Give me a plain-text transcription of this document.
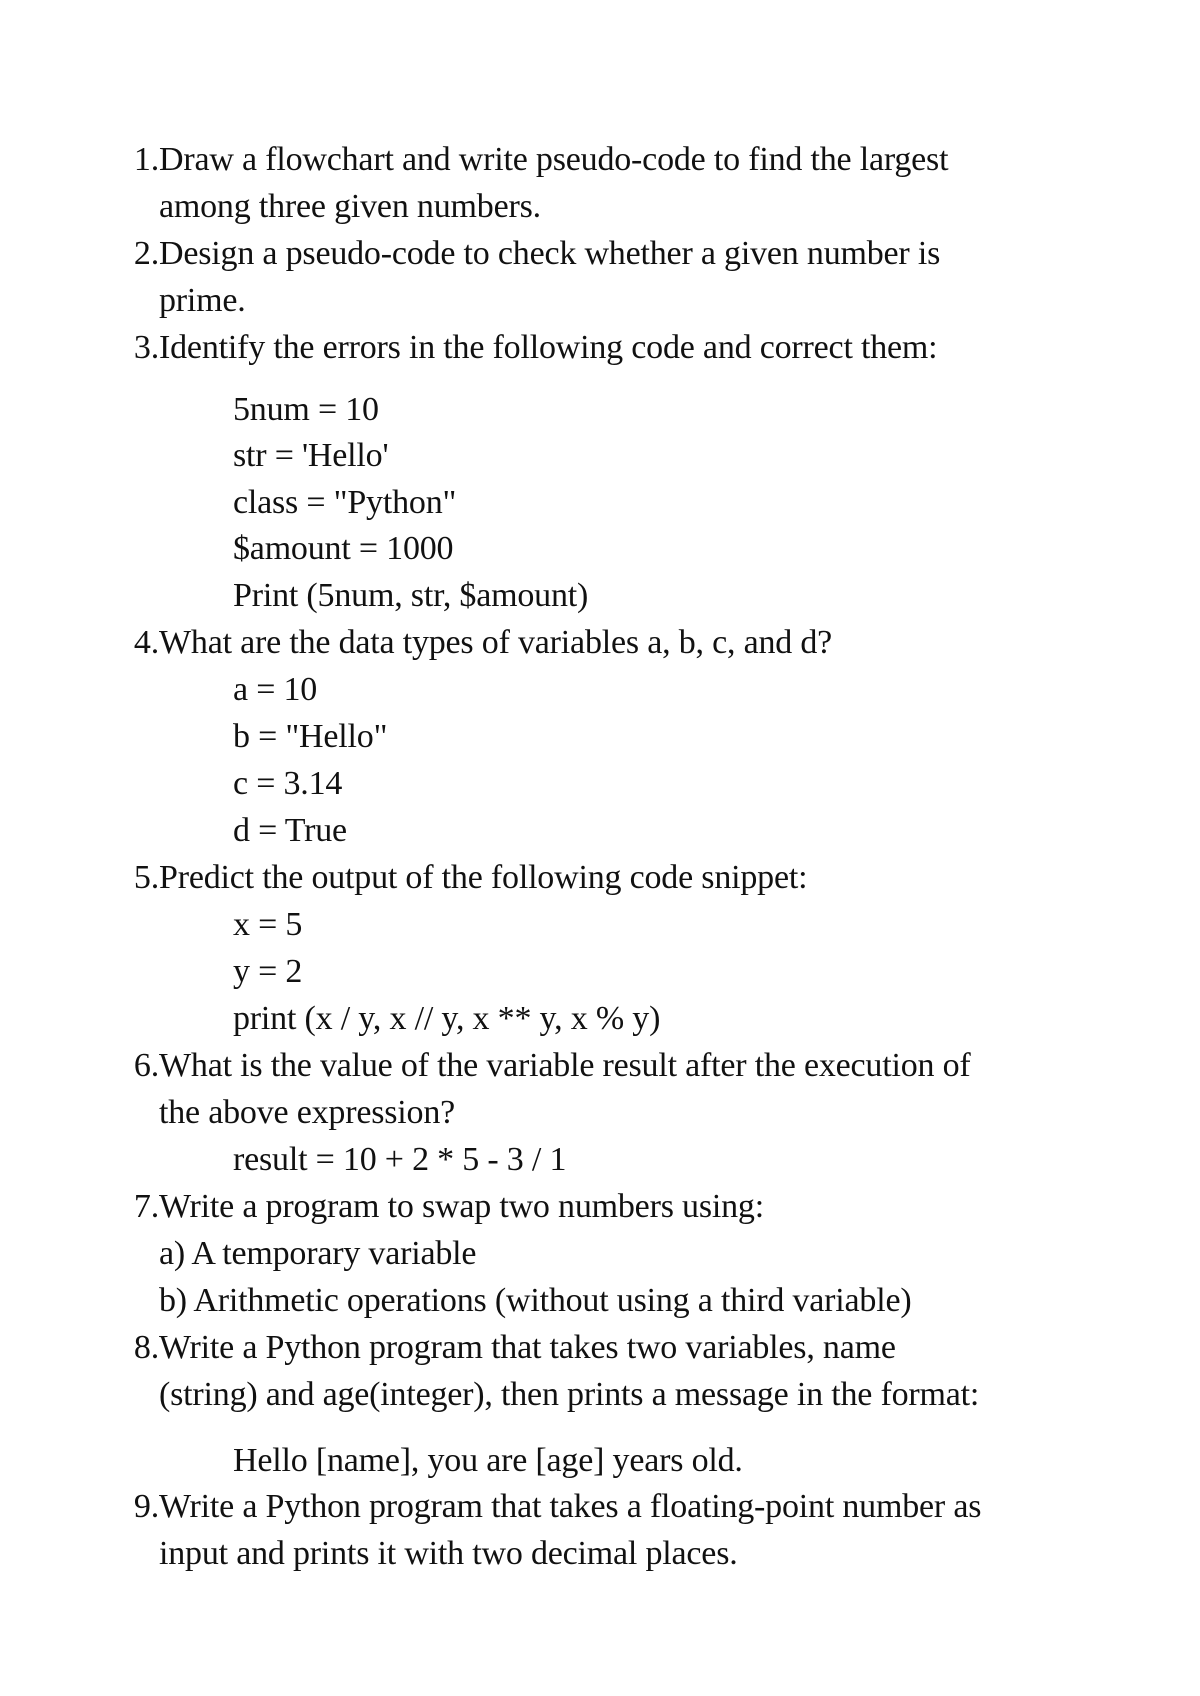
1. Draw a flowchart and write pseudo-code to find the largest
among three given numbers.
2. Design a pseudo-code to check whether a given number is
prime.
3. Identify the errors in the following code and correct them:
5num = 10
str = 'Hello'
class = "Python"
$amount = 1000
Print (5num, str, $amount)
4. What are the data types of variables a, b, c, and d?
a = 10
b = "Hello"
c = 3.14
d = True
5. Predict the output of the following code snippet:
x = 5
y = 2
print (x / y, x // y, x ** y, x % y)
6. What is the value of the variable result after the execution of
the above expression?
result = 10 + 2 * 5 - 3 / 1
7. Write a program to swap two numbers using:
a) A temporary variable
b) Arithmetic operations (without using a third variable)
8. Write a Python program that takes two variables, name
(string) and age(integer), then prints a message in the format:
Hello [name], you are [age] years old.
9. Write a Python program that takes a floating-point number as
input and prints it with two decimal places.
